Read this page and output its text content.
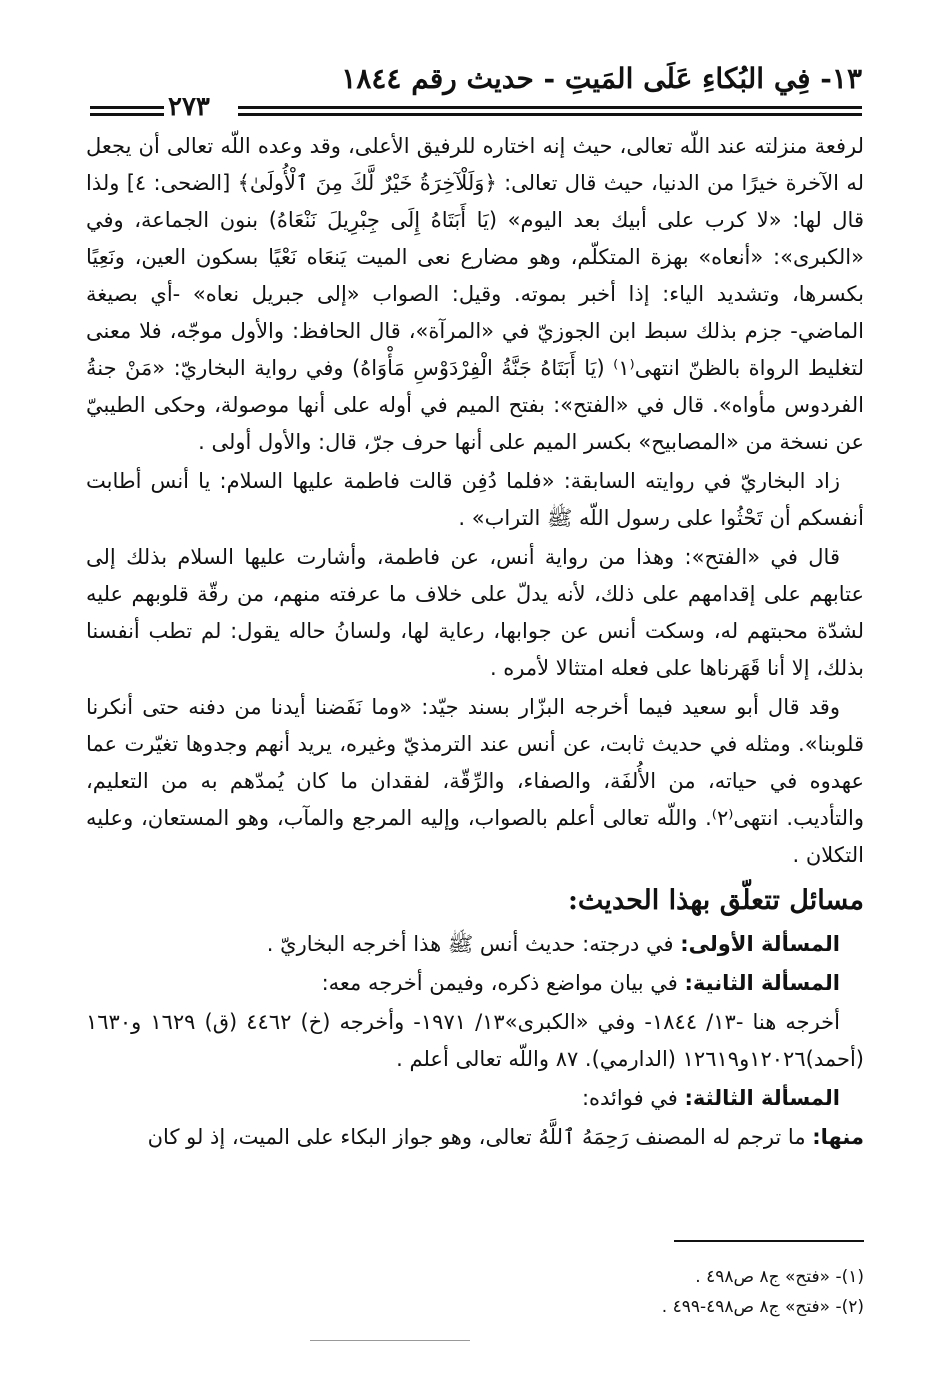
١٣- فِي البُكاءِ عَلَى المَيتِ - حديث رقم ١٨٤٤
٢٧٣

لرفعة منزلته عند اللّه تعالى، حيث إنه اختاره للرفيق الأعلى، وقد وعده اللّه تعالى أن يجعل له الآخرة خيرًا من الدنيا، حيث قال تعالى: ﴿وَلَلْآخِرَةُ خَيْرٌ لَّكَ مِنَ ٱلْأُولَىٰ﴾ [الضحى: ٤] ولذا قال لها: «لا كرب على أبيك بعد اليوم» (يَا أَبَتَاهُ إِلَى جِبْرِيلَ نَنْعَاهُ) بنون الجماعة، وفي «الكبرى»: «أنعاه» بهزة المتكلّم، وهو مضارع نعى الميت يَنعَاه نَعْيًا بسكون العين، ونَعِيًا بكسرها، وتشديد الياء: إذا أخبر بموته. وقيل: الصواب «إلى جبريل نعاه» -أي بصيغة الماضي- جزم بذلك سبط ابن الجوزيّ في «المرآة»، قال الحافظ: والأول موجّه، فلا معنى لتغليط الرواة بالظنّ انتهى⁽١⁾ (يَا أَبَتَاهُ جَنَّةُ الْفِرْدَوْسِ مَأْوَاهُ) وفي رواية البخاريّ: «مَنْ جنةُ الفردوس مأواه». قال في «الفتح»: بفتح الميم في أوله على أنها موصولة، وحكى الطيبيّ عن نسخة من «المصابيح» بكسر الميم على أنها حرف جرّ، قال: والأول أولى .

زاد البخاريّ في روايته السابقة: «فلما دُفِن قالت فاطمة عليها السلام: يا أنس أطابت أنفسكم أن تَحْثُوا على رسول اللّه ﷺ التراب» .

قال في «الفتح»: وهذا من رواية أنس، عن فاطمة، وأشارت عليها السلام بذلك إلى عتابهم على إقدامهم على ذلك، لأنه يدلّ على خلاف ما عرفته منهم، من رقّة قلوبهم عليه لشدّة محبتهم له، وسكت أنس عن جوابها، رعاية لها، ولسانُ حاله يقول: لم تطب أنفسنا بذلك، إلا أنا قَهَرناها على فعله امتثالا لأمره .

وقد قال أبو سعيد فيما أخرجه البزّار بسند جيّد: «وما نَفَضنا أيدنا من دفنه حتى أنكرنا قلوبنا». ومثله في حديث ثابت، عن أنس عند الترمذيّ وغيره، يريد أنهم وجدوها تغيّرت عما عهدوه في حياته، من الأُلفَة، والصفاء، والرِّقّة، لفقدان ما كان يُمدّهم به من التعليم، والتأديب. انتهى⁽٢⁾. واللّه تعالى أعلم بالصواب، وإليه المرجع والمآب، وهو المستعان، وعليه التكلان .

مسائل تتعلّق بهذا الحديث:

المسألة الأولى: في درجته: حديث أنس ﷺ هذا أخرجه البخاريّ .

المسألة الثانية: في بيان مواضع ذكره، وفيمن أخرجه معه:

أخرجه هنا -١٣/ ١٨٤٤- وفي «الكبرى»١٣/ ١٩٧١- وأخرجه (خ) ٤٤٦٢ (ق) ١٦٢٩ و١٦٣٠ (أحمد)١٢٠٢٦و١٢٦١٩ (الدارمي). ٨٧ واللّه تعالى أعلم .

المسألة الثالثة: في فوائده:

منها: ما ترجم له المصنف رَحِمَهُ ٱللَّهُ تعالى، وهو جواز البكاء على الميت، إذ لو كان

(١)- «فتح» ج٨ ص٤٩٨ .
(٢)- «فتح» ج٨ ص٤٩٨-٤٩٩ .
